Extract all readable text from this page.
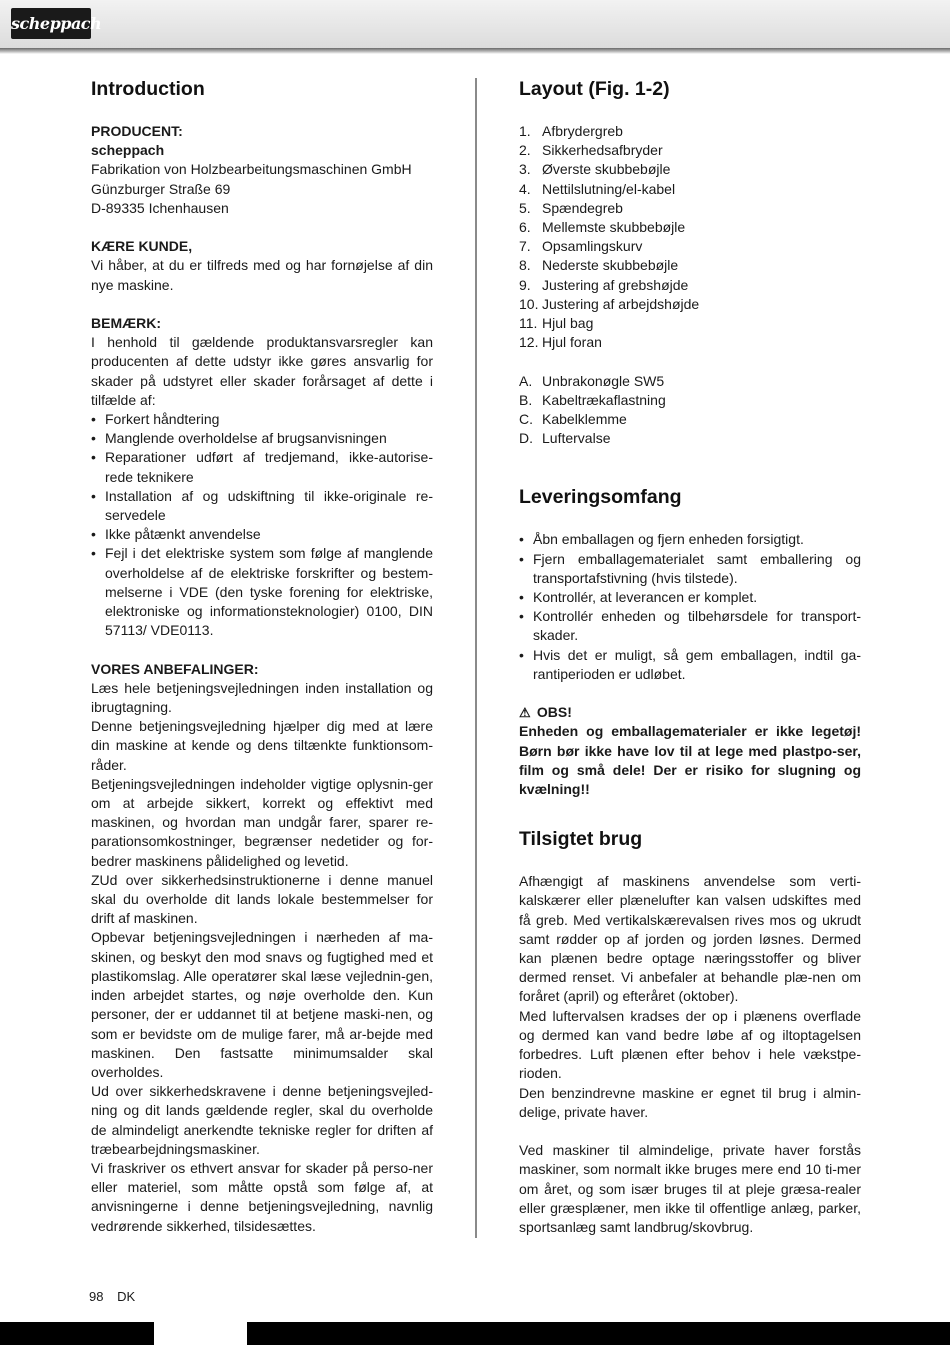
scheppach
Introduction
PRODUCENT:
scheppach
Fabrikation von Holzbearbeitungsmaschinen GmbH
Günzburger Straße 69
D-89335 Ichenhausen
KÆRE KUNDE,
Vi håber, at du er tilfreds med og har fornøjelse af din nye maskine.
BEMÆRK:
I henhold til gældende produktansvarsregler kan producenten af dette udstyr ikke gøres ansvarlig for skader på udstyret eller skader forårsaget af dette i tilfælde af:
• Forkert håndtering
• Manglende overholdelse af brugsanvisningen
• Reparationer udført af tredjemand, ikke-autorise-rede teknikere
• Installation af og udskiftning til ikke-originale re-servedele
• Ikke påtænkt anvendelse
• Fejl i det elektriske system som følge af manglende overholdelse af de elektriske forskrifter og bestem-melserne i VDE (den tyske forening for elektriske, elektroniske og informationsteknologier) 0100, DIN 57113/ VDE0113.
VORES ANBEFALINGER:
Læs hele betjeningsvejledningen inden installation og ibrugtagning.
Denne betjeningsvejledning hjælper dig med at lære din maskine at kende og dens tiltænkte funktionsom-råder.
Betjeningsvejledningen indeholder vigtige oplysnin-ger om at arbejde sikkert, korrekt og effektivt med maskinen, og hvordan man undgår farer, sparer re-parationsomkostninger, begrænser nedetider og for-bedrer maskinens pålidelighed og levetid.
ZUd over sikkerhedsinstruktionerne i denne manuel skal du overholde dit lands lokale bestemmelser for drift af maskinen.
Opbevar betjeningsvejledningen i nærheden af ma-skinen, og beskyt den mod snavs og fugtighed med et plastikomslag. Alle operatører skal læse vejlednin-gen, inden arbejdet startes, og nøje overholde den. Kun personer, der er uddannet til at betjene maski-nen, og som er bevidste om de mulige farer, må ar-bejde med maskinen. Den fastsatte minimumsalder skal overholdes.
Ud over sikkerhedskravene i denne betjeningsvejled-ning og dit lands gældende regler, skal du overholde de almindeligt anerkendte tekniske regler for driften af træbearbejdningsmaskiner.
Vi fraskriver os ethvert ansvar for skader på perso-ner eller materiel, som måtte opstå som følge af, at anvisningerne i denne betjeningsvejledning, navnlig vedrørende sikkerhed, tilsidesættes.
Layout (Fig. 1-2)
1. Afbrydergreb
2. Sikkerhedsafbryder
3. Øverste skubbebøjle
4. Nettilslutning/el-kabel
5. Spændegreb
6. Mellemste skubbebøjle
7. Opsamlingskurv
8. Nederste skubbebøjle
9. Justering af grebshøjde
10. Justering af arbejdshøjde
11. Hjul bag
12. Hjul foran
A. Unbrakonøgle SW5
B. Kabeltrækaflastning
C. Kabelklemme
D. Luftervalse
Leveringsomfang
• Åbn emballagen og fjern enheden forsigtigt.
• Fjern emballagematerialet samt emballering og transportafstivning (hvis tilstede).
• Kontrollér, at leverancen er komplet.
• Kontrollér enheden og tilbehørsdele for transport-skader.
• Hvis det er muligt, så gem emballagen, indtil ga-rantiperioden er udløbet.
⚠ OBS!
Enheden og emballagematerialer er ikke legetøj! Børn bør ikke have lov til at lege med plastpo-ser, film og små dele! Der er risiko for slugning og kvælning!!
Tilsigtet brug
Afhængigt af maskinens anvendelse som verti-kalskærer eller plænelufter kan valsen udskiftes med få greb. Med vertikalskærevalsen rives mos og ukrudt samt rødder op af jorden og jorden løsnes. Dermed kan plænen bedre optage næringsstoffer og bliver dermed renset. Vi anbefaler at behandle plæ-nen om foråret (april) og efteråret (oktober).
Med luftervalsen kradses der op i plænens overflade og dermed kan vand bedre løbe af og iltoptagelsen forbedres. Luft plænen efter behov i hele vækstpe-rioden.
Den benzindrevne maskine er egnet til brug i almin-delige, private haver.
Ved maskiner til almindelige, private haver forstås maskiner, som normalt ikke bruges mere end 10 ti-mer om året, og som især bruges til at pleje græsa-realer eller græsplæner, men ikke til offentlige anlæg, parker, sportsanlæg samt landbrug/skovbrug.
98 DK
